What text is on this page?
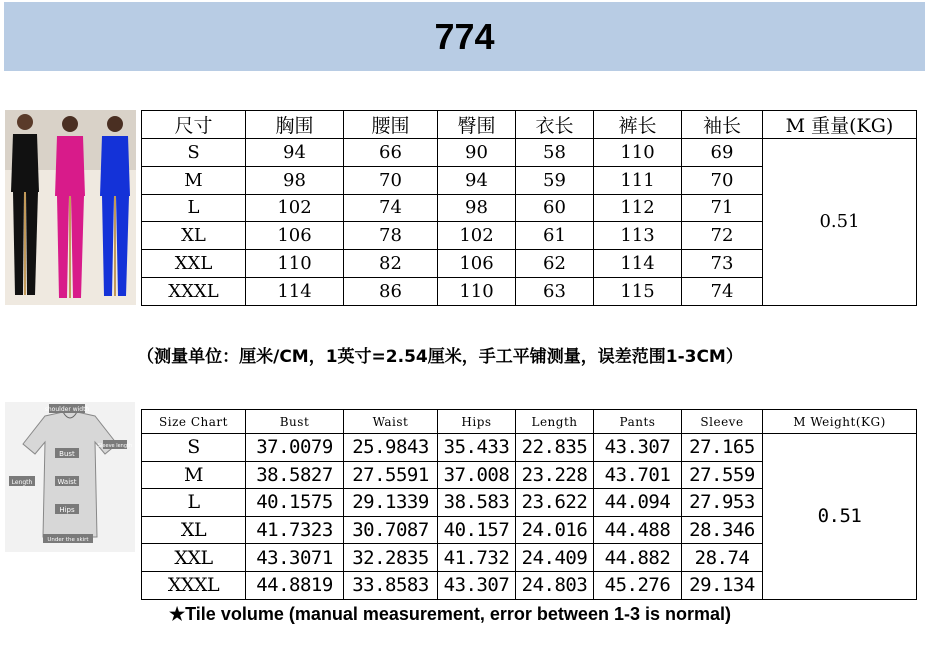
774
尺寸	胸围	腰围	臀围	衣长	裤长	袖长	M 重量(KG)
S	94	66	90	58	110	69	0.51
M	98	70	94	59	111	70	
L	102	74	98	60	112	71	
XL	106	78	102	61	113	72	
XXL	110	82	106	62	114	73	
XXXL	114	86	110	63	115	74	
（测量单位：厘米/CM，1英寸=2.54厘米，手工平铺测量，误差范围1-3CM）
shoulder width
Sleeve length
Bust
Waist
Hips
Length
Under the skirt
Size Chart	Bust	Waist	Hips	Length	Pants	Sleeve	M Weight(KG)
S	37.0079	25.9843	35.433	22.835	43.307	27.165	0.51
M	38.5827	27.5591	37.008	23.228	43.701	27.559	
L	40.1575	29.1339	38.583	23.622	44.094	27.953	
XL	41.7323	30.7087	40.157	24.016	44.488	28.346	
XXL	43.3071	32.2835	41.732	24.409	44.882	28.74	
XXXL	44.8819	33.8583	43.307	24.803	45.276	29.134	
★Tile volume (manual measurement, error between 1-3 is normal)
